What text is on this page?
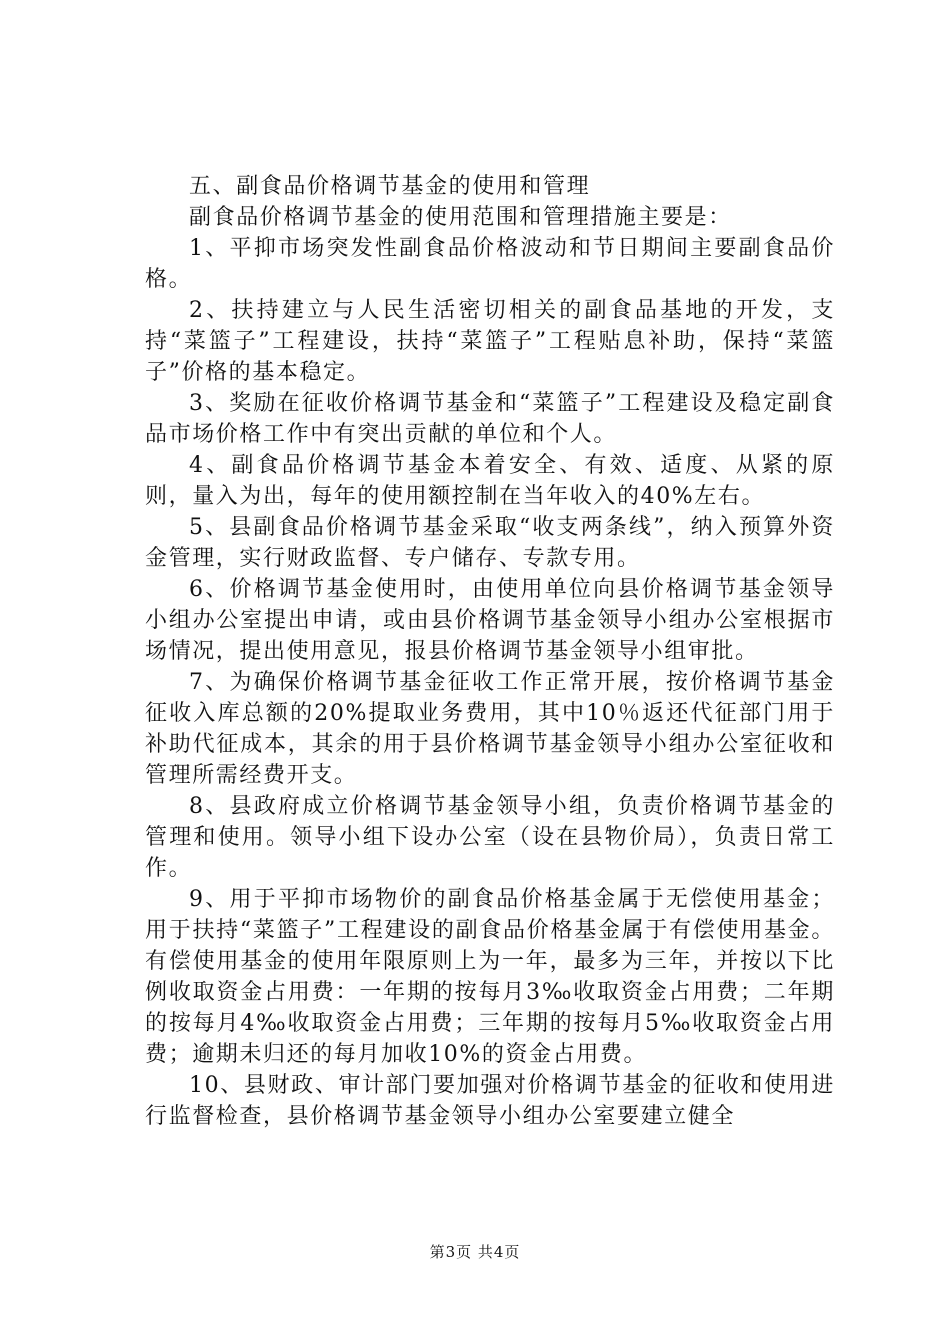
五、副食品价格调节基金的使用和管理

副食品价格调节基金的使用范围和管理措施主要是：

1、平抑市场突发性副食品价格波动和节日期间主要副食品价格。

2、扶持建立与人民生活密切相关的副食品基地的开发，支持“菜篮子”工程建设，扶持“菜篮子”工程贴息补助，保持“菜篮子”价格的基本稳定。

3、奖励在征收价格调节基金和“菜篮子”工程建设及稳定副食品市场价格工作中有突出贡献的单位和个人。

4、副食品价格调节基金本着安全、有效、适度、从紧的原则，量入为出，每年的使用额控制在当年收入的40%左右。

5、县副食品价格调节基金采取“收支两条线”，纳入预算外资金管理，实行财政监督、专户储存、专款专用。

6、价格调节基金使用时，由使用单位向县价格调节基金领导小组办公室提出申请，或由县价格调节基金领导小组办公室根据市场情况，提出使用意见，报县价格调节基金领导小组审批。

7、为确保价格调节基金征收工作正常开展，按价格调节基金征收入库总额的20%提取业务费用，其中10％返还代征部门用于补助代征成本，其余的用于县价格调节基金领导小组办公室征收和管理所需经费开支。

8、县政府成立价格调节基金领导小组，负责价格调节基金的管理和使用。领导小组下设办公室（设在县物价局），负责日常工作。

9、用于平抑市场物价的副食品价格基金属于无偿使用基金；用于扶持“菜篮子”工程建设的副食品价格基金属于有偿使用基金。有偿使用基金的使用年限原则上为一年，最多为三年，并按以下比例收取资金占用费：一年期的按每月3‰收取资金占用费；二年期的按每月4‰收取资金占用费；三年期的按每月5‰收取资金占用费；逾期未归还的每月加收10%的资金占用费。

10、县财政、审计部门要加强对价格调节基金的征收和使用进行监督检查，县价格调节基金领导小组办公室要建立健全

第3页 共4页
